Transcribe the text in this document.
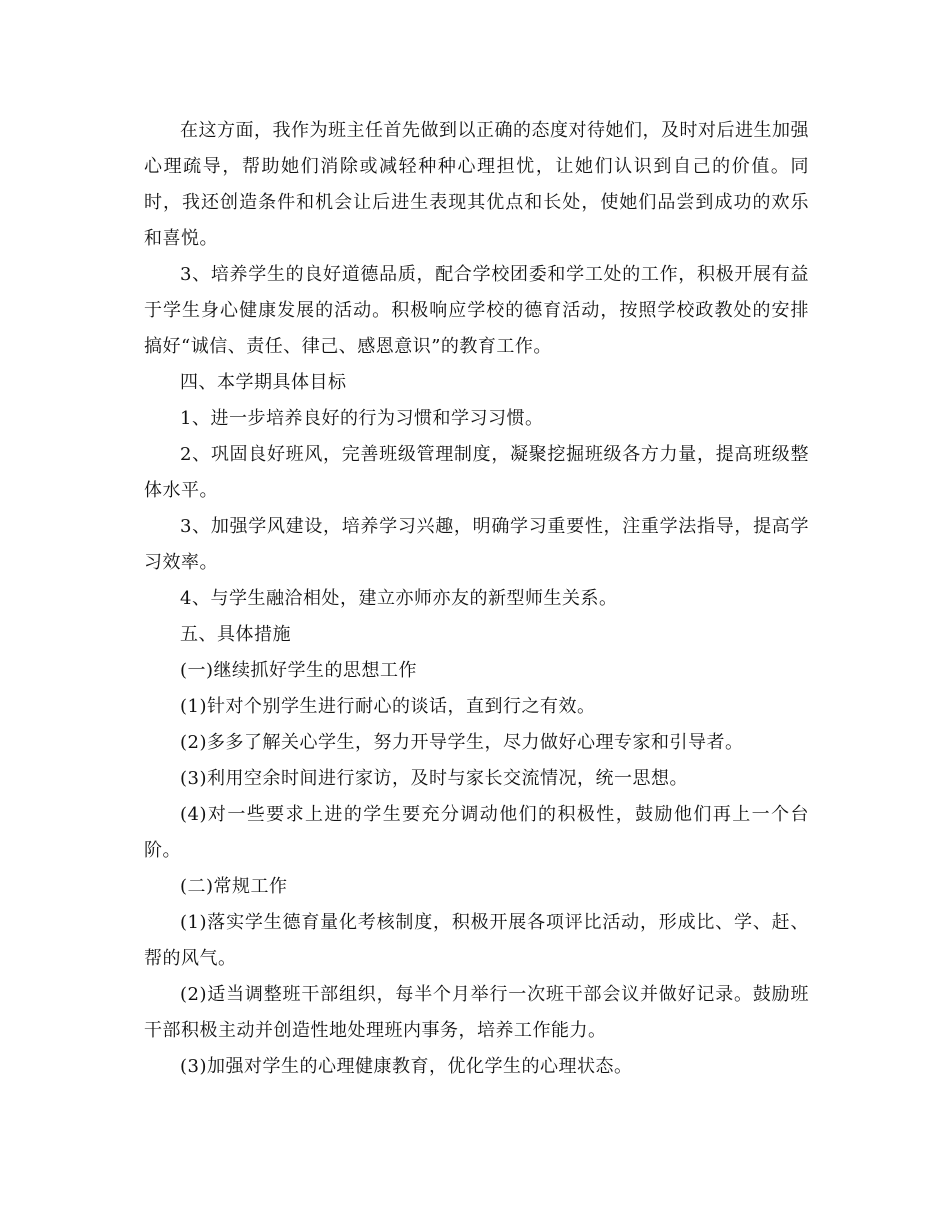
在这方面，我作为班主任首先做到以正确的态度对待她们，及时对后进生加强心理疏导，帮助她们消除或减轻种种心理担忧，让她们认识到自己的价值。同时，我还创造条件和机会让后进生表现其优点和长处，使她们品尝到成功的欢乐和喜悦。

3、培养学生的良好道德品质，配合学校团委和学工处的工作，积极开展有益于学生身心健康发展的活动。积极响应学校的德育活动，按照学校政教处的安排搞好“诚信、责任、律己、感恩意识”的教育工作。

四、本学期具体目标

1、进一步培养良好的行为习惯和学习习惯。

2、巩固良好班风，完善班级管理制度，凝聚挖掘班级各方力量，提高班级整体水平。

3、加强学风建设，培养学习兴趣，明确学习重要性，注重学法指导，提高学习效率。

4、与学生融洽相处，建立亦师亦友的新型师生关系。

五、具体措施

(一)继续抓好学生的思想工作

(1)针对个别学生进行耐心的谈话，直到行之有效。

(2)多多了解关心学生，努力开导学生，尽力做好心理专家和引导者。

(3)利用空余时间进行家访，及时与家长交流情况，统一思想。

(4)对一些要求上进的学生要充分调动他们的积极性，鼓励他们再上一个台阶。

(二)常规工作

(1)落实学生德育量化考核制度，积极开展各项评比活动，形成比、学、赶、帮的风气。

(2)适当调整班干部组织，每半个月举行一次班干部会议并做好记录。鼓励班干部积极主动并创造性地处理班内事务，培养工作能力。

(3)加强对学生的心理健康教育，优化学生的心理状态。
